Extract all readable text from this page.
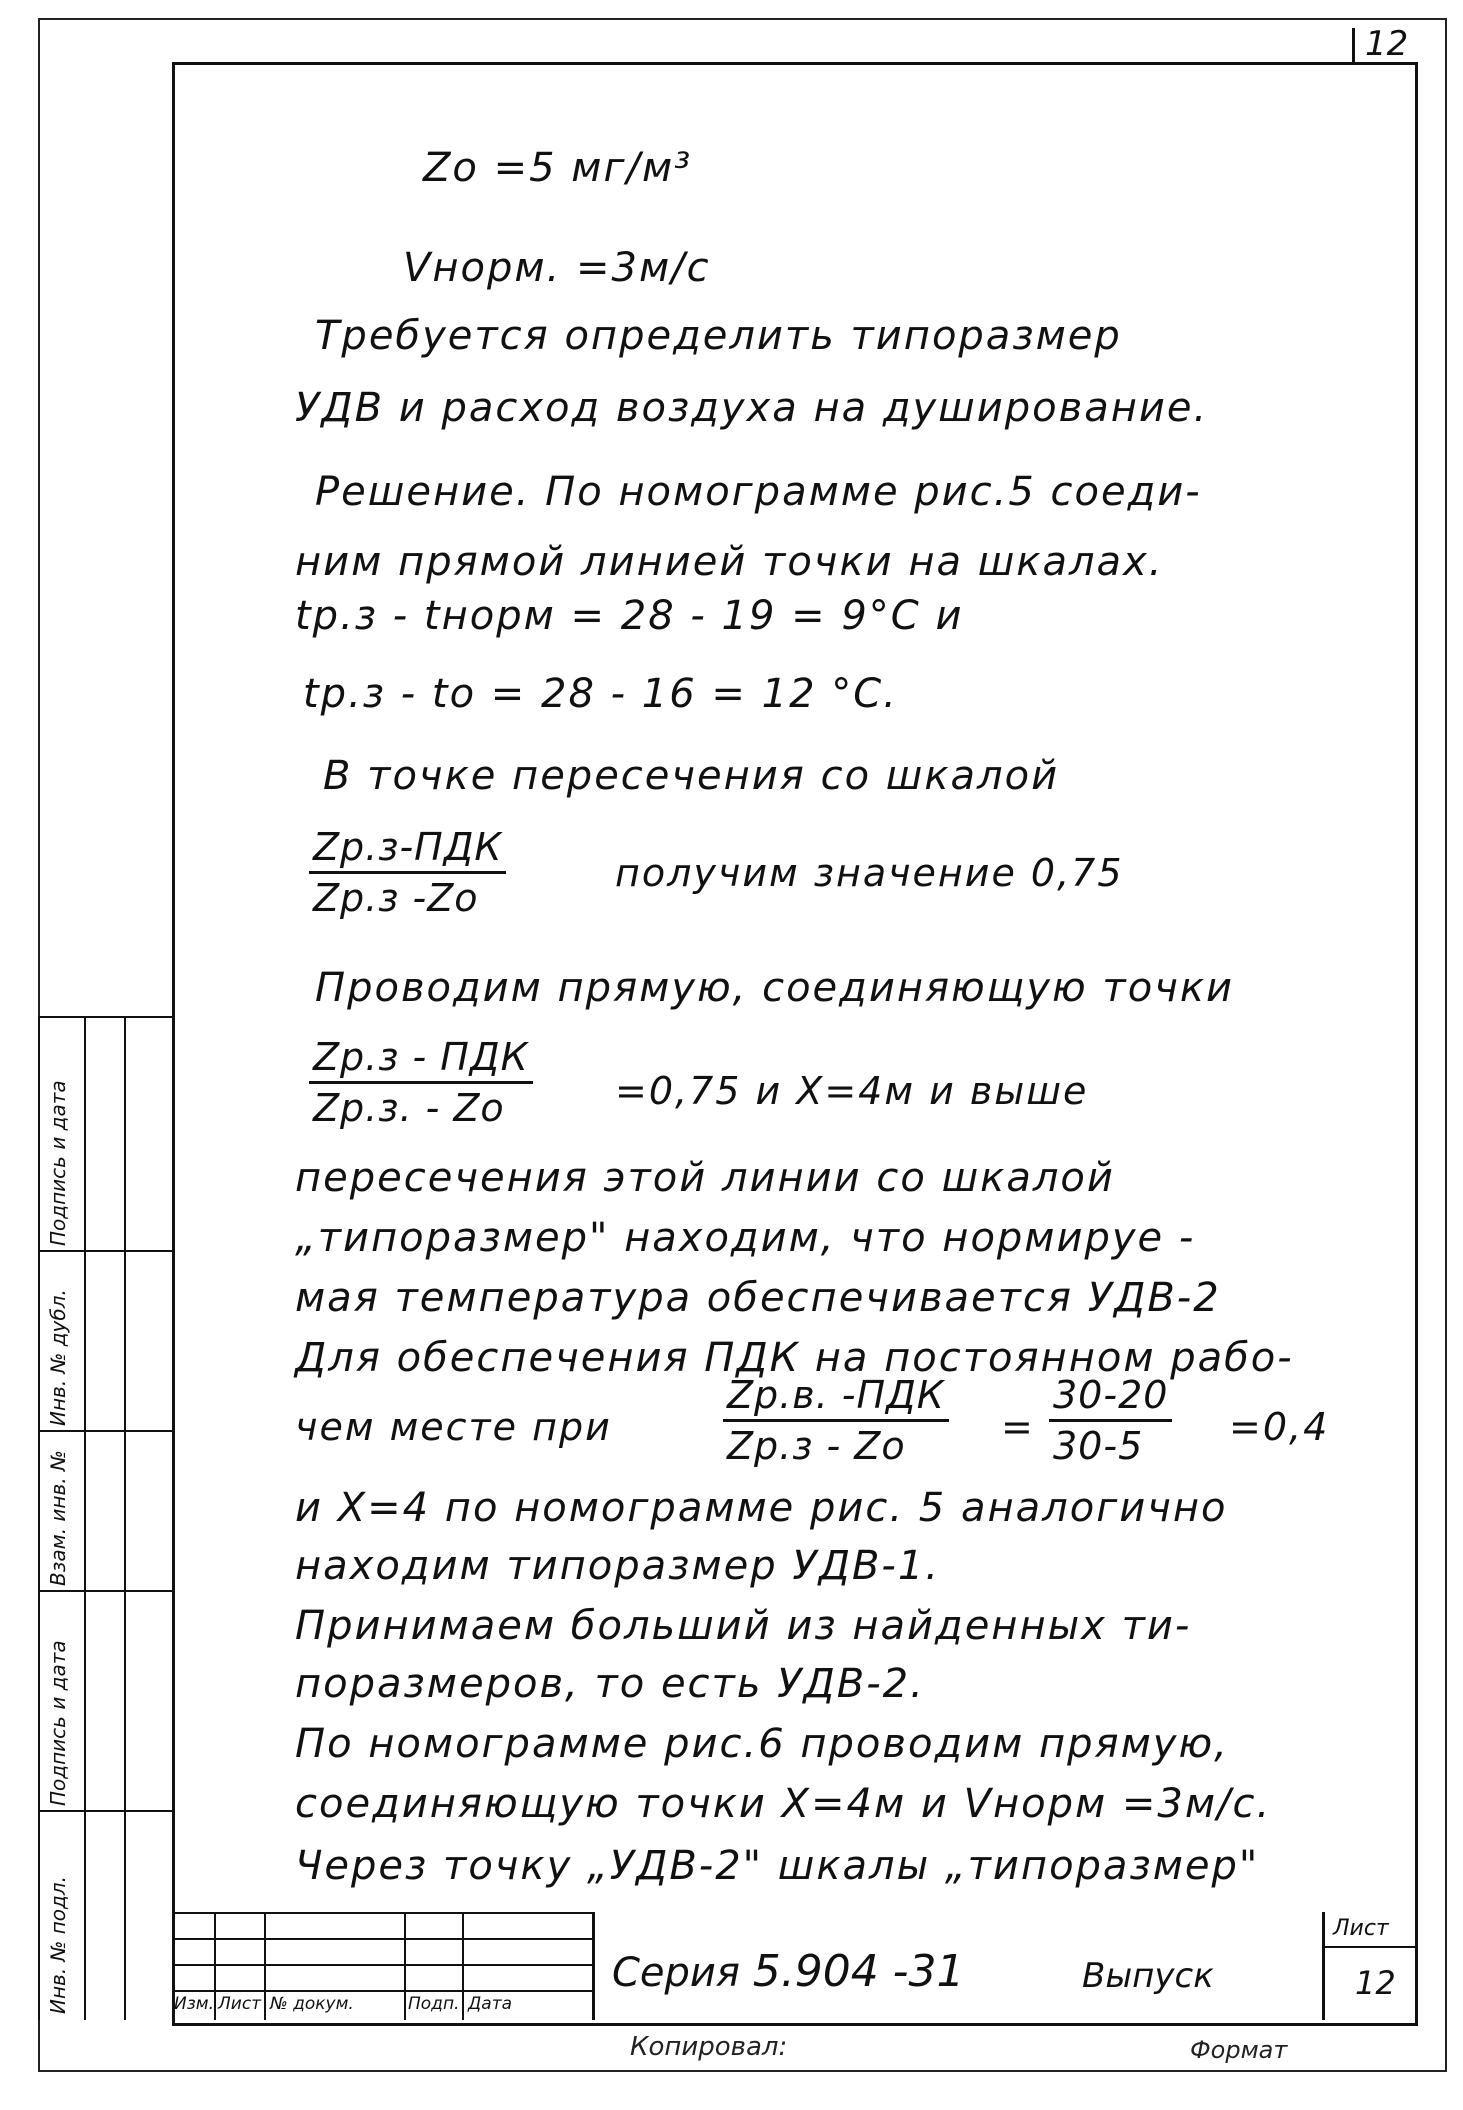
12
Zo =5 мг/м³
Vнорм. =3м/с
Требуется определить типоразмер
УДВ и расход воздуха на душирование.
Решение. По номограмме рис.5 соеди-
ним прямой линией точки на шкалах.
tр.з - tнорм = 28 - 19 = 9°С и
tр.з - to = 28 - 16 = 12 °С.
В точке пересечения со шкалой
Zр.з-ПДК
Zр.з -Zo
получим значение 0,75
Проводим прямую, соединяющую точки
Zр.з - ПДК
Zр.з. - Zo	=0,75 и Х=4м и выше
пересечения этой линии со шкалой
„типоразмер" находим, что нормируе -
мая температура обеспечивается УДВ-2
Для обеспечения ПДК на постоянном рабо-
чем месте при
Zр.в. -ПДК
Zр.з - Zo	= $\frac{30-20}{30-5} =0,4$
и Х=4 по номограмме рис. 5 аналогично
находим типоразмер УДВ-1.
Принимаем больший из найденных ти-
поразмеров, то есть УДВ-2.
По номограмме рис.6 проводим прямую,
соединяющую точки Х=4м и Vнорм =3м/с.
Через точку „УДВ-2" шкалы „типоразмер"
Инв. № подл.
Подпись и дата
Взам. инв. №
Инв. № дубл.
Подпись и дата
Изм. Лист № докум.	Подп. Дата
Серия 5.904 -31	Выпуск
Лист
12
Копировал:	Формат
